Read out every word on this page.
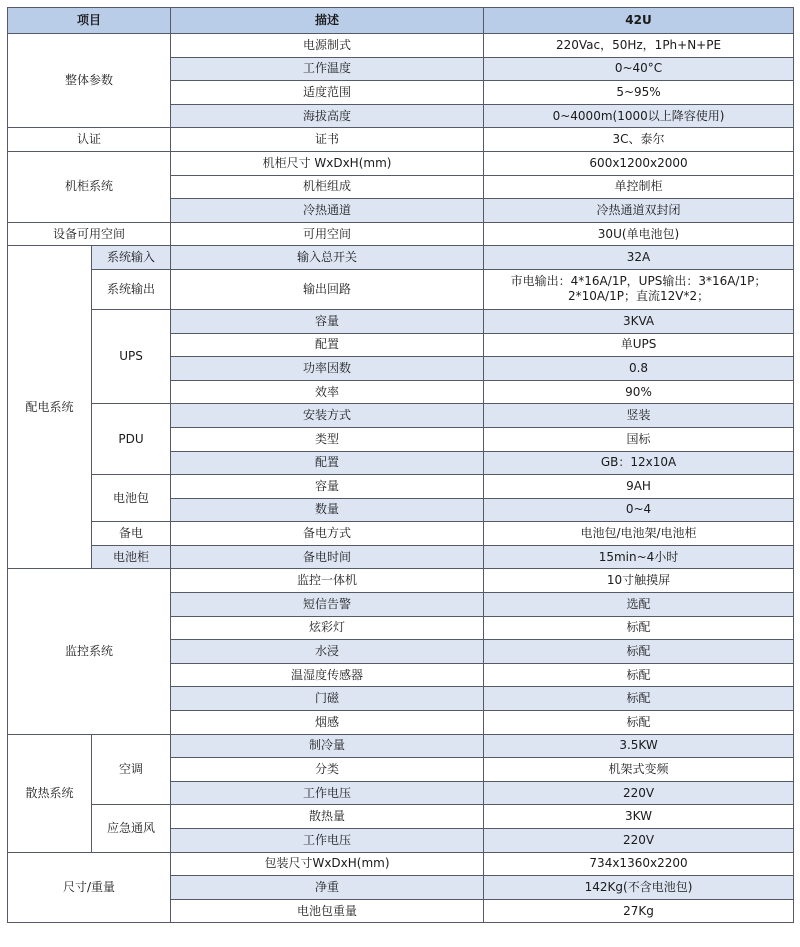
项目		描述	42U
整体参数		电源制式	220Vac，50Hz，1Ph+N+PE
		工作温度	0~40°C
		适度范围	5~95%
		海拔高度	0~4000m(1000以上降容使用)
认证		证书	3C、泰尔
机柜系统		机柜尺寸 WxDxH(mm)	600x1200x2000
		机柜组成	单控制柜
		冷热通道	冷热通道双封闭
设备可用空间		可用空间	30U(单电池包)
配电系统	系统输入	输入总开关	32A
	系统输出	输出回路	市电输出：4*16A/1P，UPS输出：3*16A/1P；2*10A/1P；直流12V*2；
	UPS	容量	3KVA
		配置	单UPS
		功率因数	0.8
		效率	90%
	PDU	安装方式	竖装
		类型	国标
		配置	GB：12x10A
	电池包	容量	9AH
		数量	0~4
	备电	备电方式	电池包/电池架/电池柜
	电池柜	备电时间	15min~4小时
监控系统		监控一体机	10寸触摸屏
		短信告警	选配
		炫彩灯	标配
		水浸	标配
		温湿度传感器	标配
		门磁	标配
		烟感	标配
散热系统	空调	制冷量	3.5KW
		分类	机架式变频
		工作电压	220V
	应急通风	散热量	3KW
		工作电压	220V
尺寸/重量		包装尺寸WxDxH(mm)	734x1360x2200
		净重	142Kg(不含电池包)
		电池包重量	27Kg
